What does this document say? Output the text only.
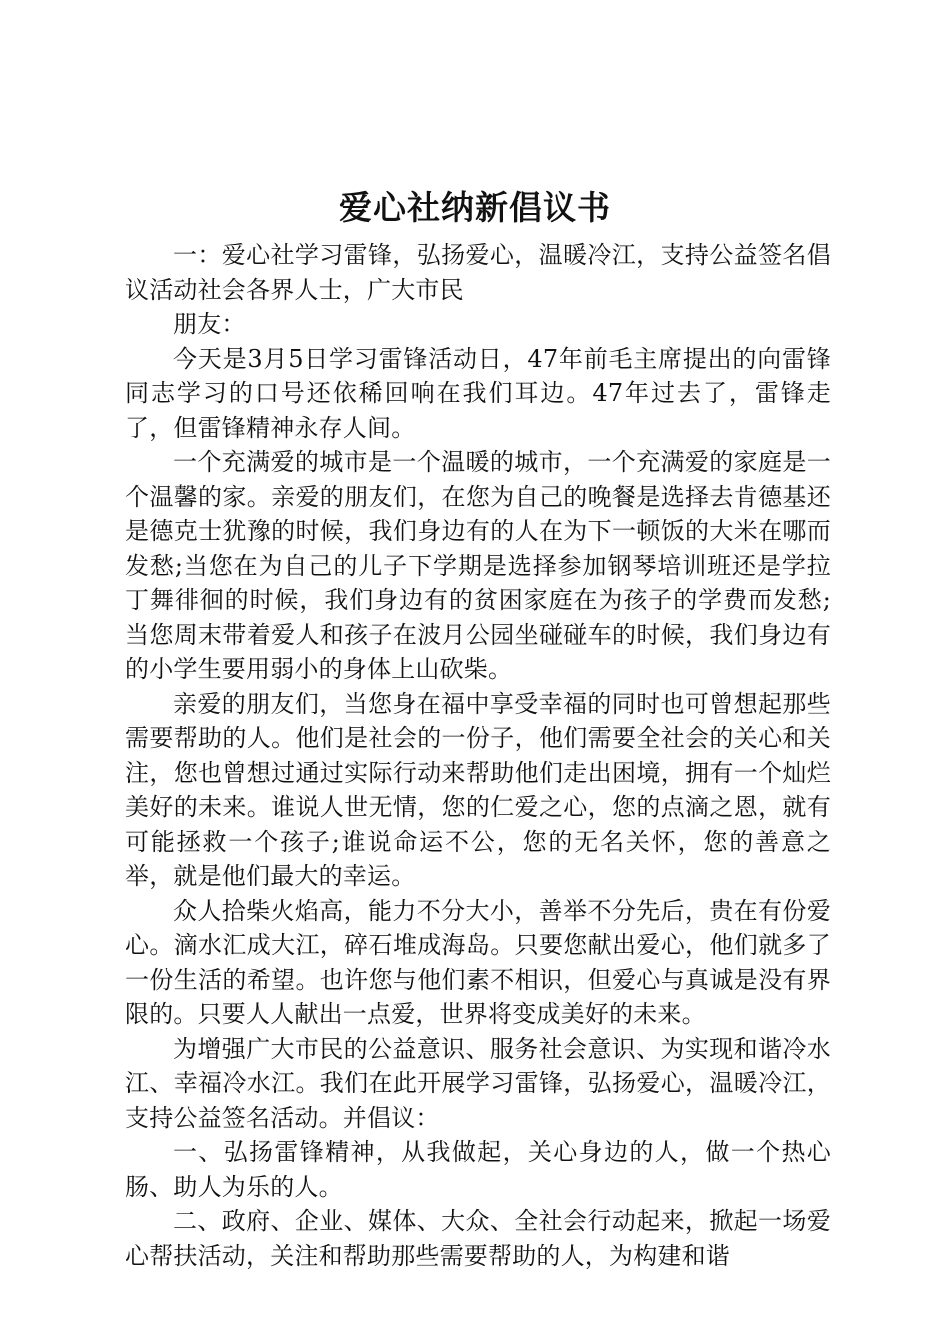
爱心社纳新倡议书

一：爱心社学习雷锋，弘扬爱心，温暖冷江，支持公益签名倡议活动社会各界人士，广大市民

朋友：

今天是3月5日学习雷锋活动日，47年前毛主席提出的向雷锋同志学习的口号还依稀回响在我们耳边。47年过去了，雷锋走了，但雷锋精神永存人间。

一个充满爱的城市是一个温暖的城市，一个充满爱的家庭是一个温馨的家。亲爱的朋友们，在您为自己的晚餐是选择去肯德基还是德克士犹豫的时候，我们身边有的人在为下一顿饭的大米在哪而发愁;当您在为自己的儿子下学期是选择参加钢琴培训班还是学拉丁舞徘徊的时候，我们身边有的贫困家庭在为孩子的学费而发愁;当您周末带着爱人和孩子在波月公园坐碰碰车的时候，我们身边有的小学生要用弱小的身体上山砍柴。

亲爱的朋友们，当您身在福中享受幸福的同时也可曾想起那些需要帮助的人。他们是社会的一份子，他们需要全社会的关心和关注，您也曾想过通过实际行动来帮助他们走出困境，拥有一个灿烂美好的未来。谁说人世无情，您的仁爱之心，您的点滴之恩，就有可能拯救一个孩子;谁说命运不公，您的无名关怀，您的善意之举，就是他们最大的幸运。

众人拾柴火焰高，能力不分大小，善举不分先后，贵在有份爱心。滴水汇成大江，碎石堆成海岛。只要您献出爱心，他们就多了一份生活的希望。也许您与他们素不相识，但爱心与真诚是没有界限的。只要人人献出一点爱，世界将变成美好的未来。

为增强广大市民的公益意识、服务社会意识、为实现和谐冷水江、幸福冷水江。我们在此开展学习雷锋，弘扬爱心，温暖冷江，支持公益签名活动。并倡议：

一、弘扬雷锋精神，从我做起，关心身边的人，做一个热心肠、助人为乐的人。

二、政府、企业、媒体、大众、全社会行动起来，掀起一场爱心帮扶活动，关注和帮助那些需要帮助的人，为构建和谐
